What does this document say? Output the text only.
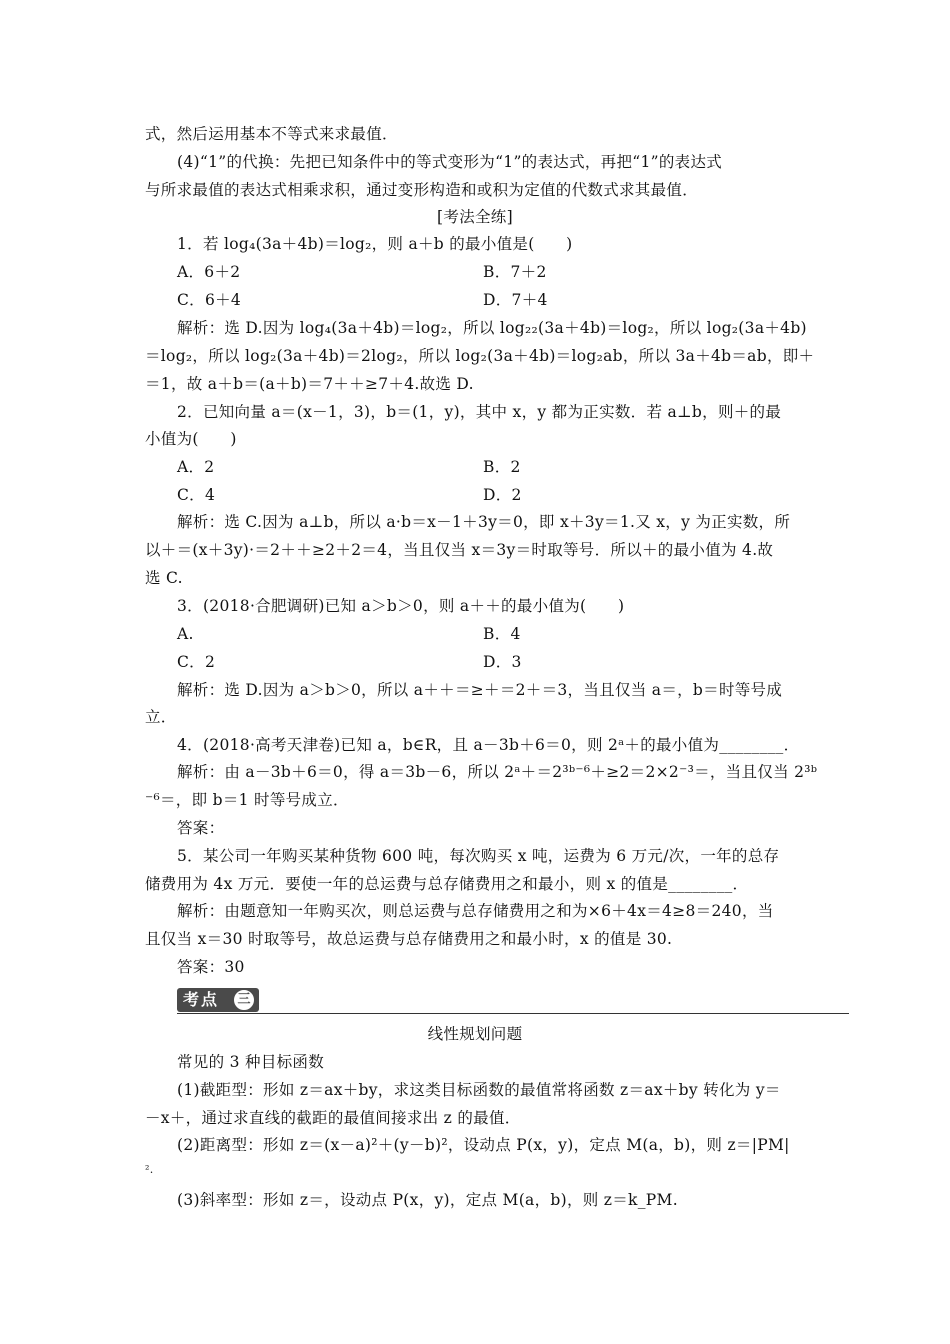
式，然后运用基本不等式来求最值．
(4)“1”的代换：先把已知条件中的等式变形为“1”的表达式，再把“1”的表达式
与所求最值的表达式相乘求积，通过变形构造和或积为定值的代数式求其最值．
[考法全练]
1．若 log₄(3a＋4b)＝log₂，则 a＋b 的最小值是(　　)
A．6＋2	B．7＋2
C．6＋4	D．7＋4
解析：选 D.因为 log₄(3a＋4b)＝log₂，所以 log₂₂(3a＋4b)＝log₂，所以 log₂(3a＋4b)
＝log₂，所以 log₂(3a＋4b)＝2log₂，所以 log₂(3a＋4b)＝log₂ab，所以 3a＋4b＝ab，即＋
＝1，故 a＋b＝(a＋b)＝7＋＋≥7＋4.故选 D.
2．已知向量 a＝(x－1，3)，b＝(1，y)，其中 x，y 都为正实数．若 a⊥b，则＋的最
小值为(　　)
A．2	B．2
C．4	D．2
解析：选 C.因为 a⊥b，所以 a·b＝x－1＋3y＝0，即 x＋3y＝1.又 x，y 为正实数，所
以＋＝(x＋3y)·＝2＋＋≥2＋2＝4，当且仅当 x＝3y＝时取等号．所以＋的最小值为 4.故
选 C.
3．(2018·合肥调研)已知 a＞b＞0，则 a＋＋的最小值为(　　)
A.	B．4
C．2	D．3
解析：选 D.因为 a＞b＞0，所以 a＋＋＝≥＋＝2＋＝3，当且仅当 a＝，b＝时等号成
立．
4．(2018·高考天津卷)已知 a，b∈R，且 a－3b＋6＝0，则 2ᵃ＋的最小值为________．
解析：由 a－3b＋6＝0，得 a＝3b－6，所以 2ᵃ＋＝2³ᵇ⁻⁶＋≥2＝2×2⁻³＝，当且仅当 2³ᵇ
⁻⁶＝，即 b＝1 时等号成立．
答案：
5．某公司一年购买某种货物 600 吨，每次购买 x 吨，运费为 6 万元/次，一年的总存
储费用为 4x 万元．要使一年的总运费与总存储费用之和最小，则 x 的值是________．
解析：由题意知一年购买次，则总运费与总存储费用之和为×6＋4x＝4≥8＝240，当
且仅当 x＝30 时取等号，故总运费与总存储费用之和最小时，x 的值是 30.
答案：30
考点	三
线性规划问题
常见的 3 种目标函数
(1)截距型：形如 z＝ax＋by，求这类目标函数的最值常将函数 z＝ax＋by 转化为 y＝
－x＋，通过求直线的截距的最值间接求出 z 的最值．
(2)距离型：形如 z＝(x－a)²＋(y－b)²，设动点 P(x，y)，定点 M(a，b)，则 z＝|PM|
².
(3)斜率型：形如 z＝，设动点 P(x，y)，定点 M(a，b)，则 z＝k_PM.
